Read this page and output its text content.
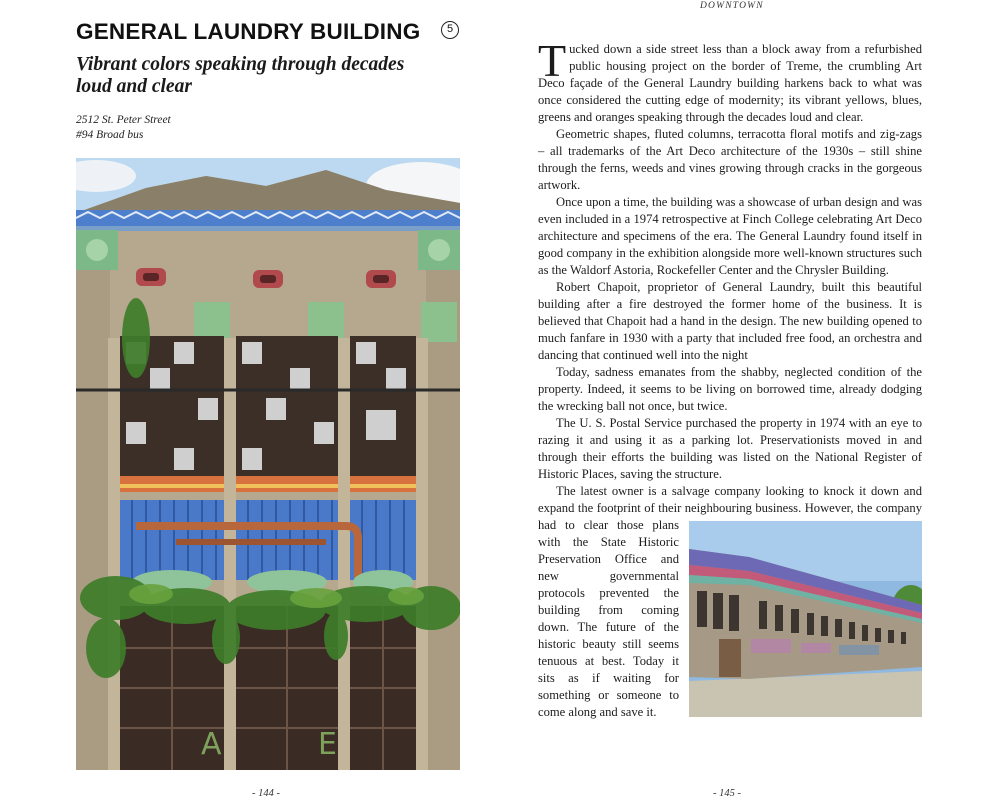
GENERAL LAUNDRY BUILDING	5
Vibrant colors speaking through decades loud and clear
2512 St. Peter Street
#94 Broad bus
A	E
- 144 -
DOWNTOWN

Tucked down a side street less than a block away from a refurbished public housing project on the border of Treme, the crumbling Art Deco façade of the General Laundry building harkens back to what was once considered the cutting edge of modernity; its vibrant yellows, blues, greens and oranges speaking through the decades loud and clear.

Geometric shapes, fluted columns, terracotta floral motifs and zig-zags – all trademarks of the Art Deco architecture of the 1930s – still shine through the ferns, weeds and vines growing through cracks in the gorgeous artwork.

Once upon a time, the building was a showcase of urban design and was even included in a 1974 retrospective at Finch College celebrating Art Deco architecture and specimens of the era. The General Laundry found itself in good company in the exhibition alongside more well-known structures such as the Waldorf Astoria, Rockefeller Center and the Chrysler Building.

Robert Chapoit, proprietor of General Laundry, built this beautiful building after a fire destroyed the former home of the business. It is believed that Chapoit had a hand in the design. The new building opened to much fanfare in 1930 with a party that included free food, an orchestra and dancing that continued well into the night

Today, sadness emanates from the shabby, neglected condition of the property. Indeed, it seems to be living on borrowed time, already dodging the wrecking ball not once, but twice.

The U. S. Postal Service purchased the property in 1974 with an eye to razing it and using it as a parking lot. Preservationists moved in and through their efforts the building was listed on the National Register of Historic Places, saving the structure.

The latest owner is a salvage company looking to knock it down and expand the footprint of their neighbouring business. However, the company
had to clear those plans with the State Historic Preservation Office and new governmental protocols prevented the building from coming down. The future of the historic beauty still seems tenuous at best. Today it sits as if waiting for something or someone to come along and save it.

- 145 -
